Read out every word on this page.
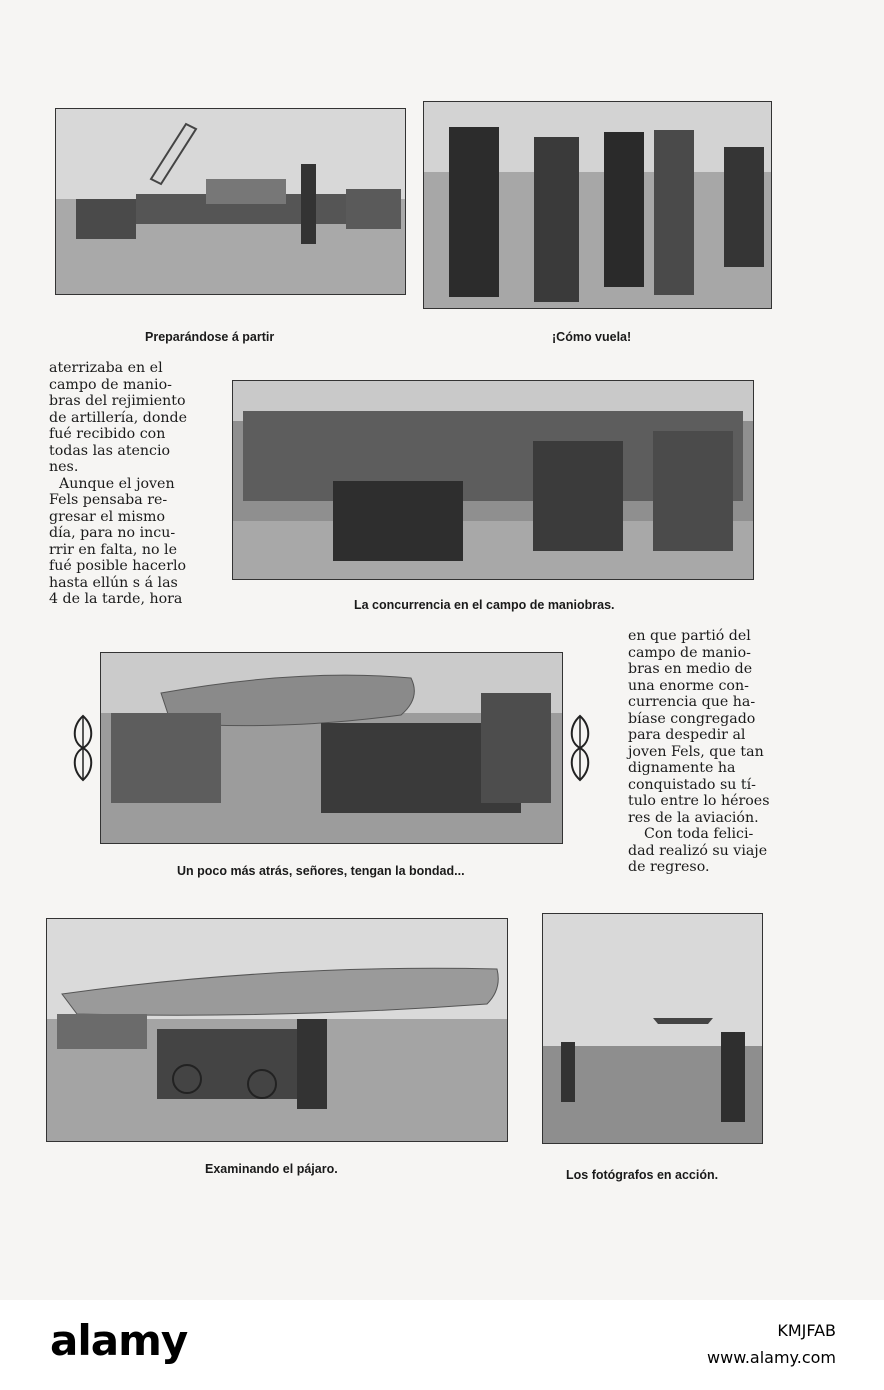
Preparándose á partir	¡Cómo vuela!
aterrizaba en el
campo de manio-
bras del rejimiento
de artillería, donde
fué recibido con
todas las atencio
nes.
Aunque el joven
Fels pensaba re-
gresar el mismo
día, para no incu-
rrir en falta, no le
fué posible hacerlo
hasta ellún s á las
4 de la tarde, hora	La concurrencia en el campo de maniobras.
en que partió del
campo de manio-
bras en medio de
una enorme con-
currencia que ha-
bíase congregado
para despedir al
joven Fels, que tan
dignamente ha
conquistado su tí-
tulo entre lo héroes
res de la aviación.
Con toda felici-
dad realizó su viaje
de regreso.
Un poco más atrás, señores, tengan la bondad...
Examinando el pájaro.	Los fotógrafos en acción.
alamy	KMJFAB
www.alamy.com
